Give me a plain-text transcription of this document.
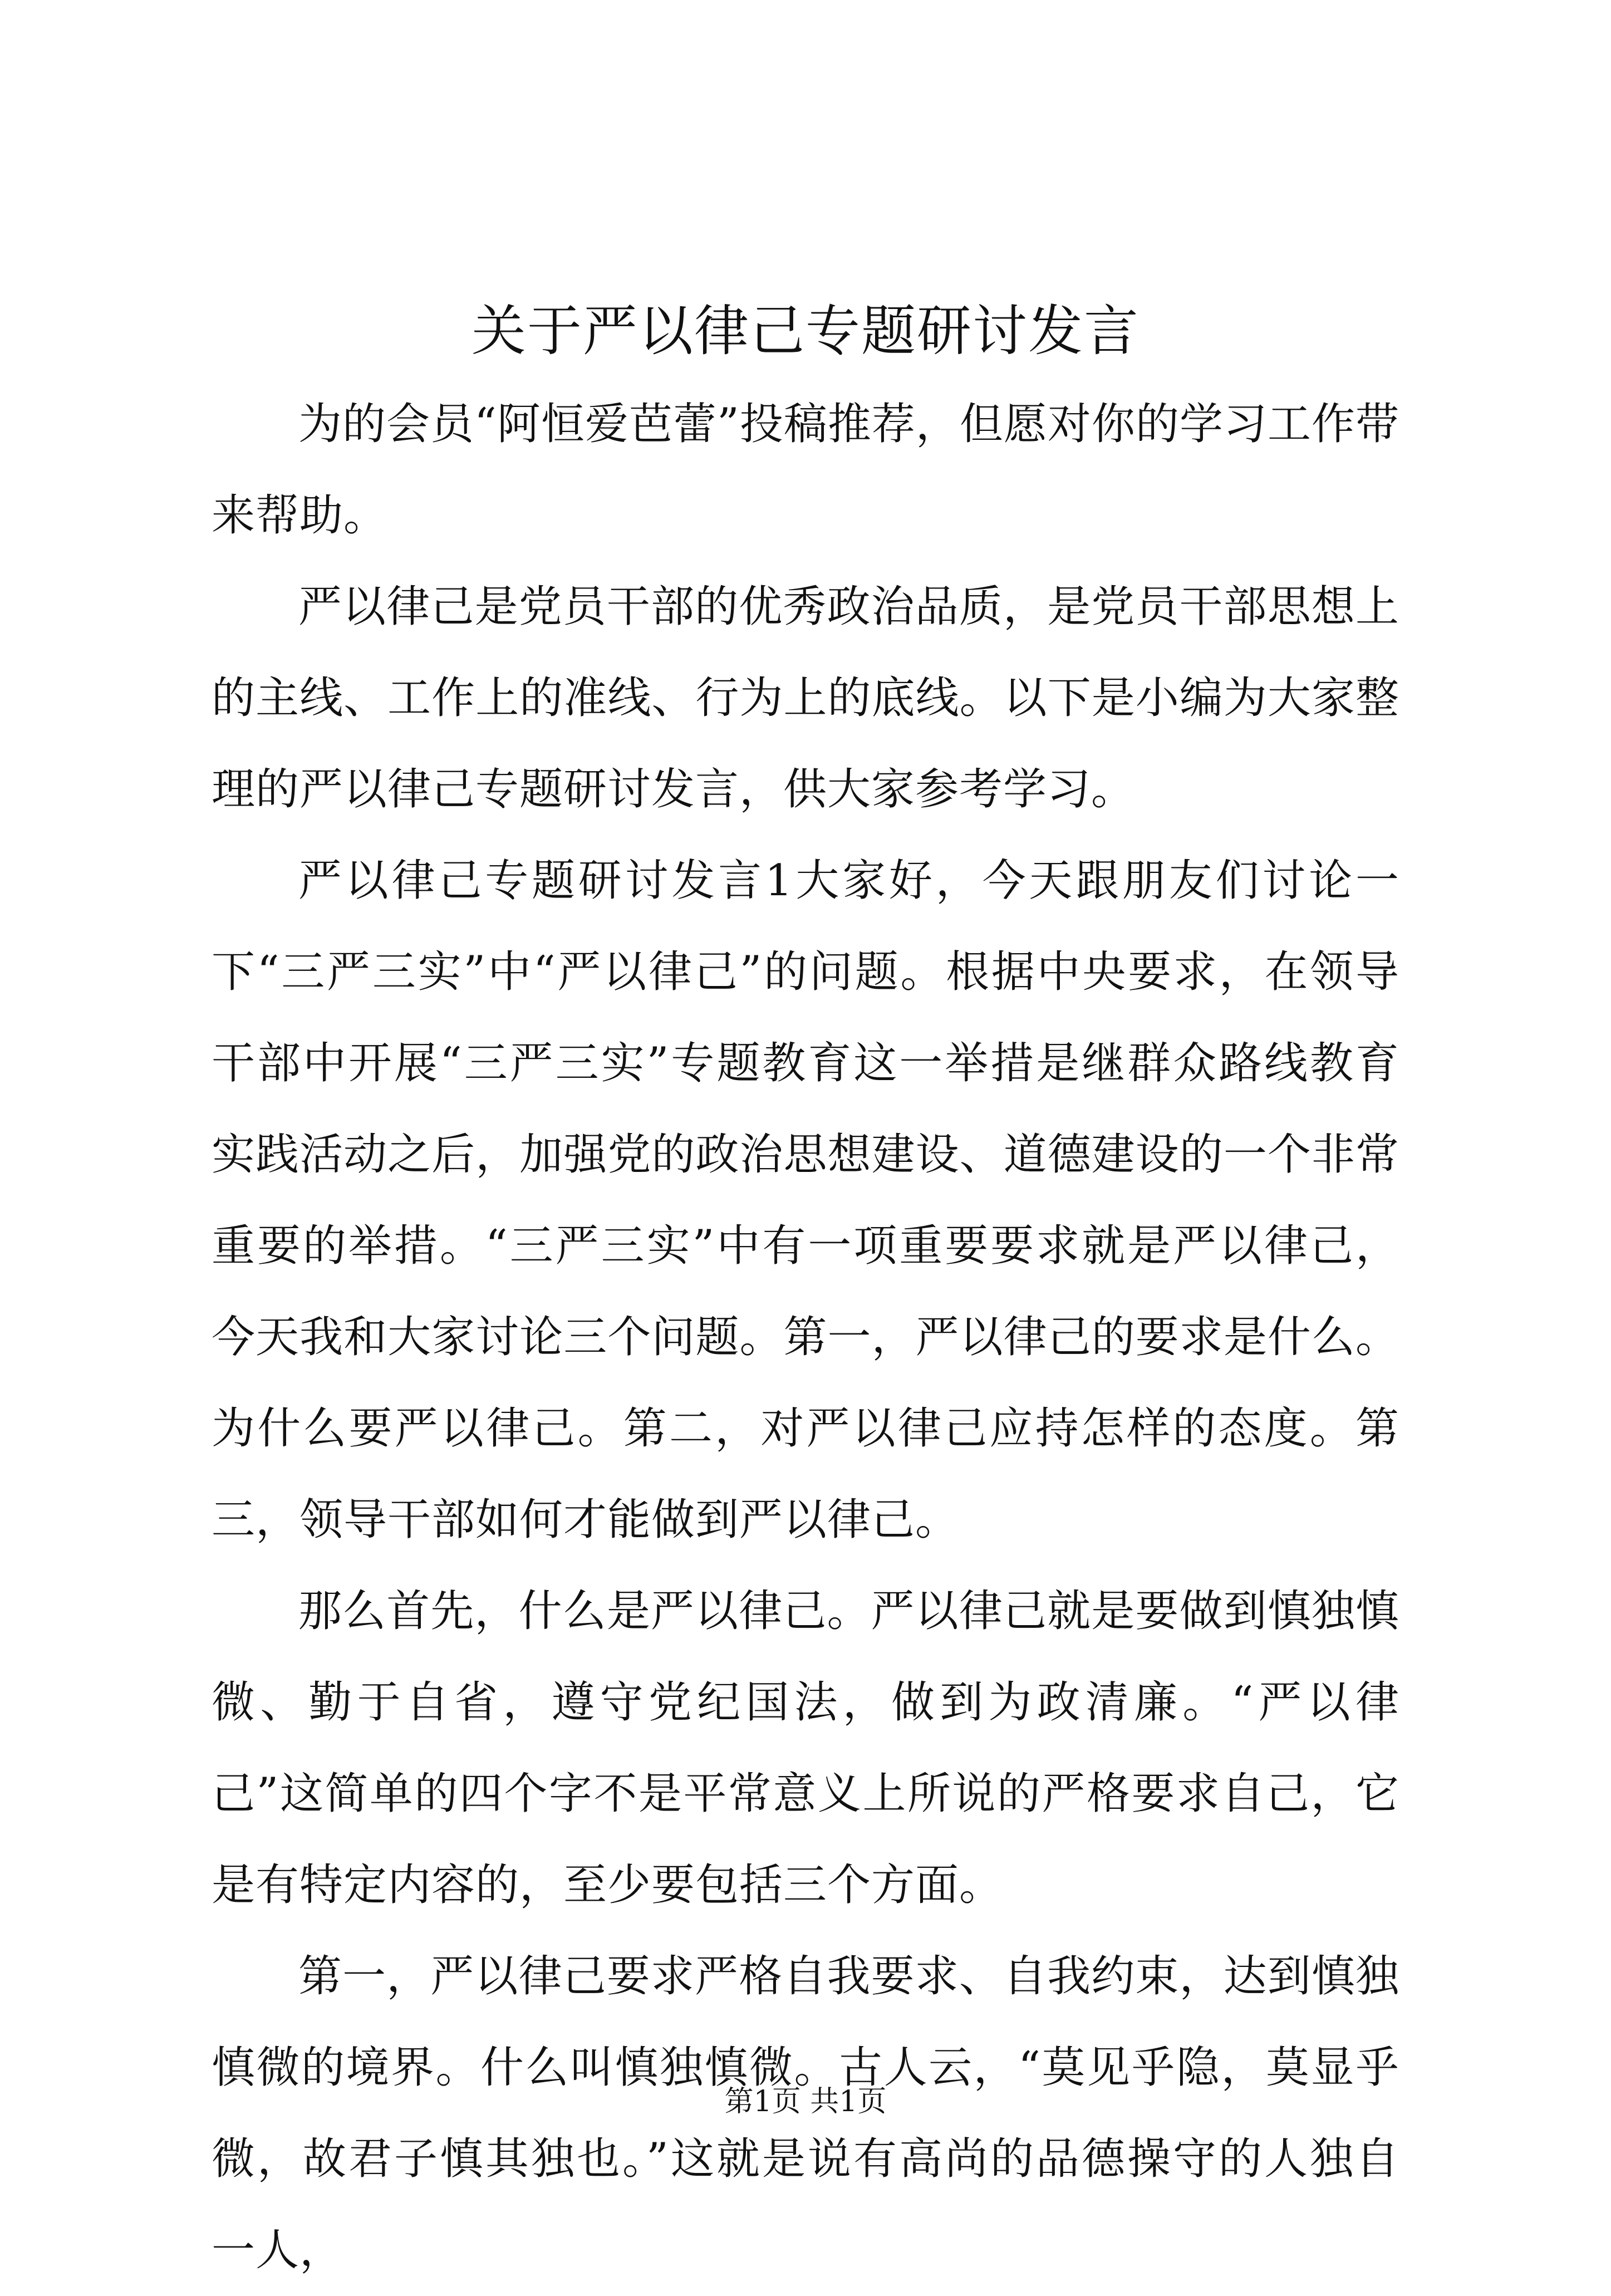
关于严以律己专题研讨发言

为的会员“阿恒爱芭蕾”投稿推荐，但愿对你的学习工作带来帮助。

严以律己是党员干部的优秀政治品质，是党员干部思想上的主线、工作上的准线、行为上的底线。以下是小编为大家整理的严以律己专题研讨发言，供大家参考学习。

严以律己专题研讨发言1大家好，今天跟朋友们讨论一下“三严三实”中“严以律己”的问题。根据中央要求，在领导干部中开展“三严三实”专题教育这一举措是继群众路线教育实践活动之后，加强党的政治思想建设、道德建设的一个非常重要的举措。“三严三实”中有一项重要要求就是严以律己，今天我和大家讨论三个问题。第一，严以律己的要求是什么。为什么要严以律己。第二，对严以律己应持怎样的态度。第三，领导干部如何才能做到严以律己。

那么首先，什么是严以律己。严以律己就是要做到慎独慎微、勤于自省，遵守党纪国法，做到为政清廉。“严以律己”这简单的四个字不是平常意义上所说的严格要求自己，它是有特定内容的，至少要包括三个方面。

第一，严以律己要求严格自我要求、自我约束，达到慎独慎微的境界。什么叫慎独慎微。古人云，“莫见乎隐，莫显乎微，故君子慎其独也。”这就是说有高尚的品德操守的人独自一人，

第1页 共1页
